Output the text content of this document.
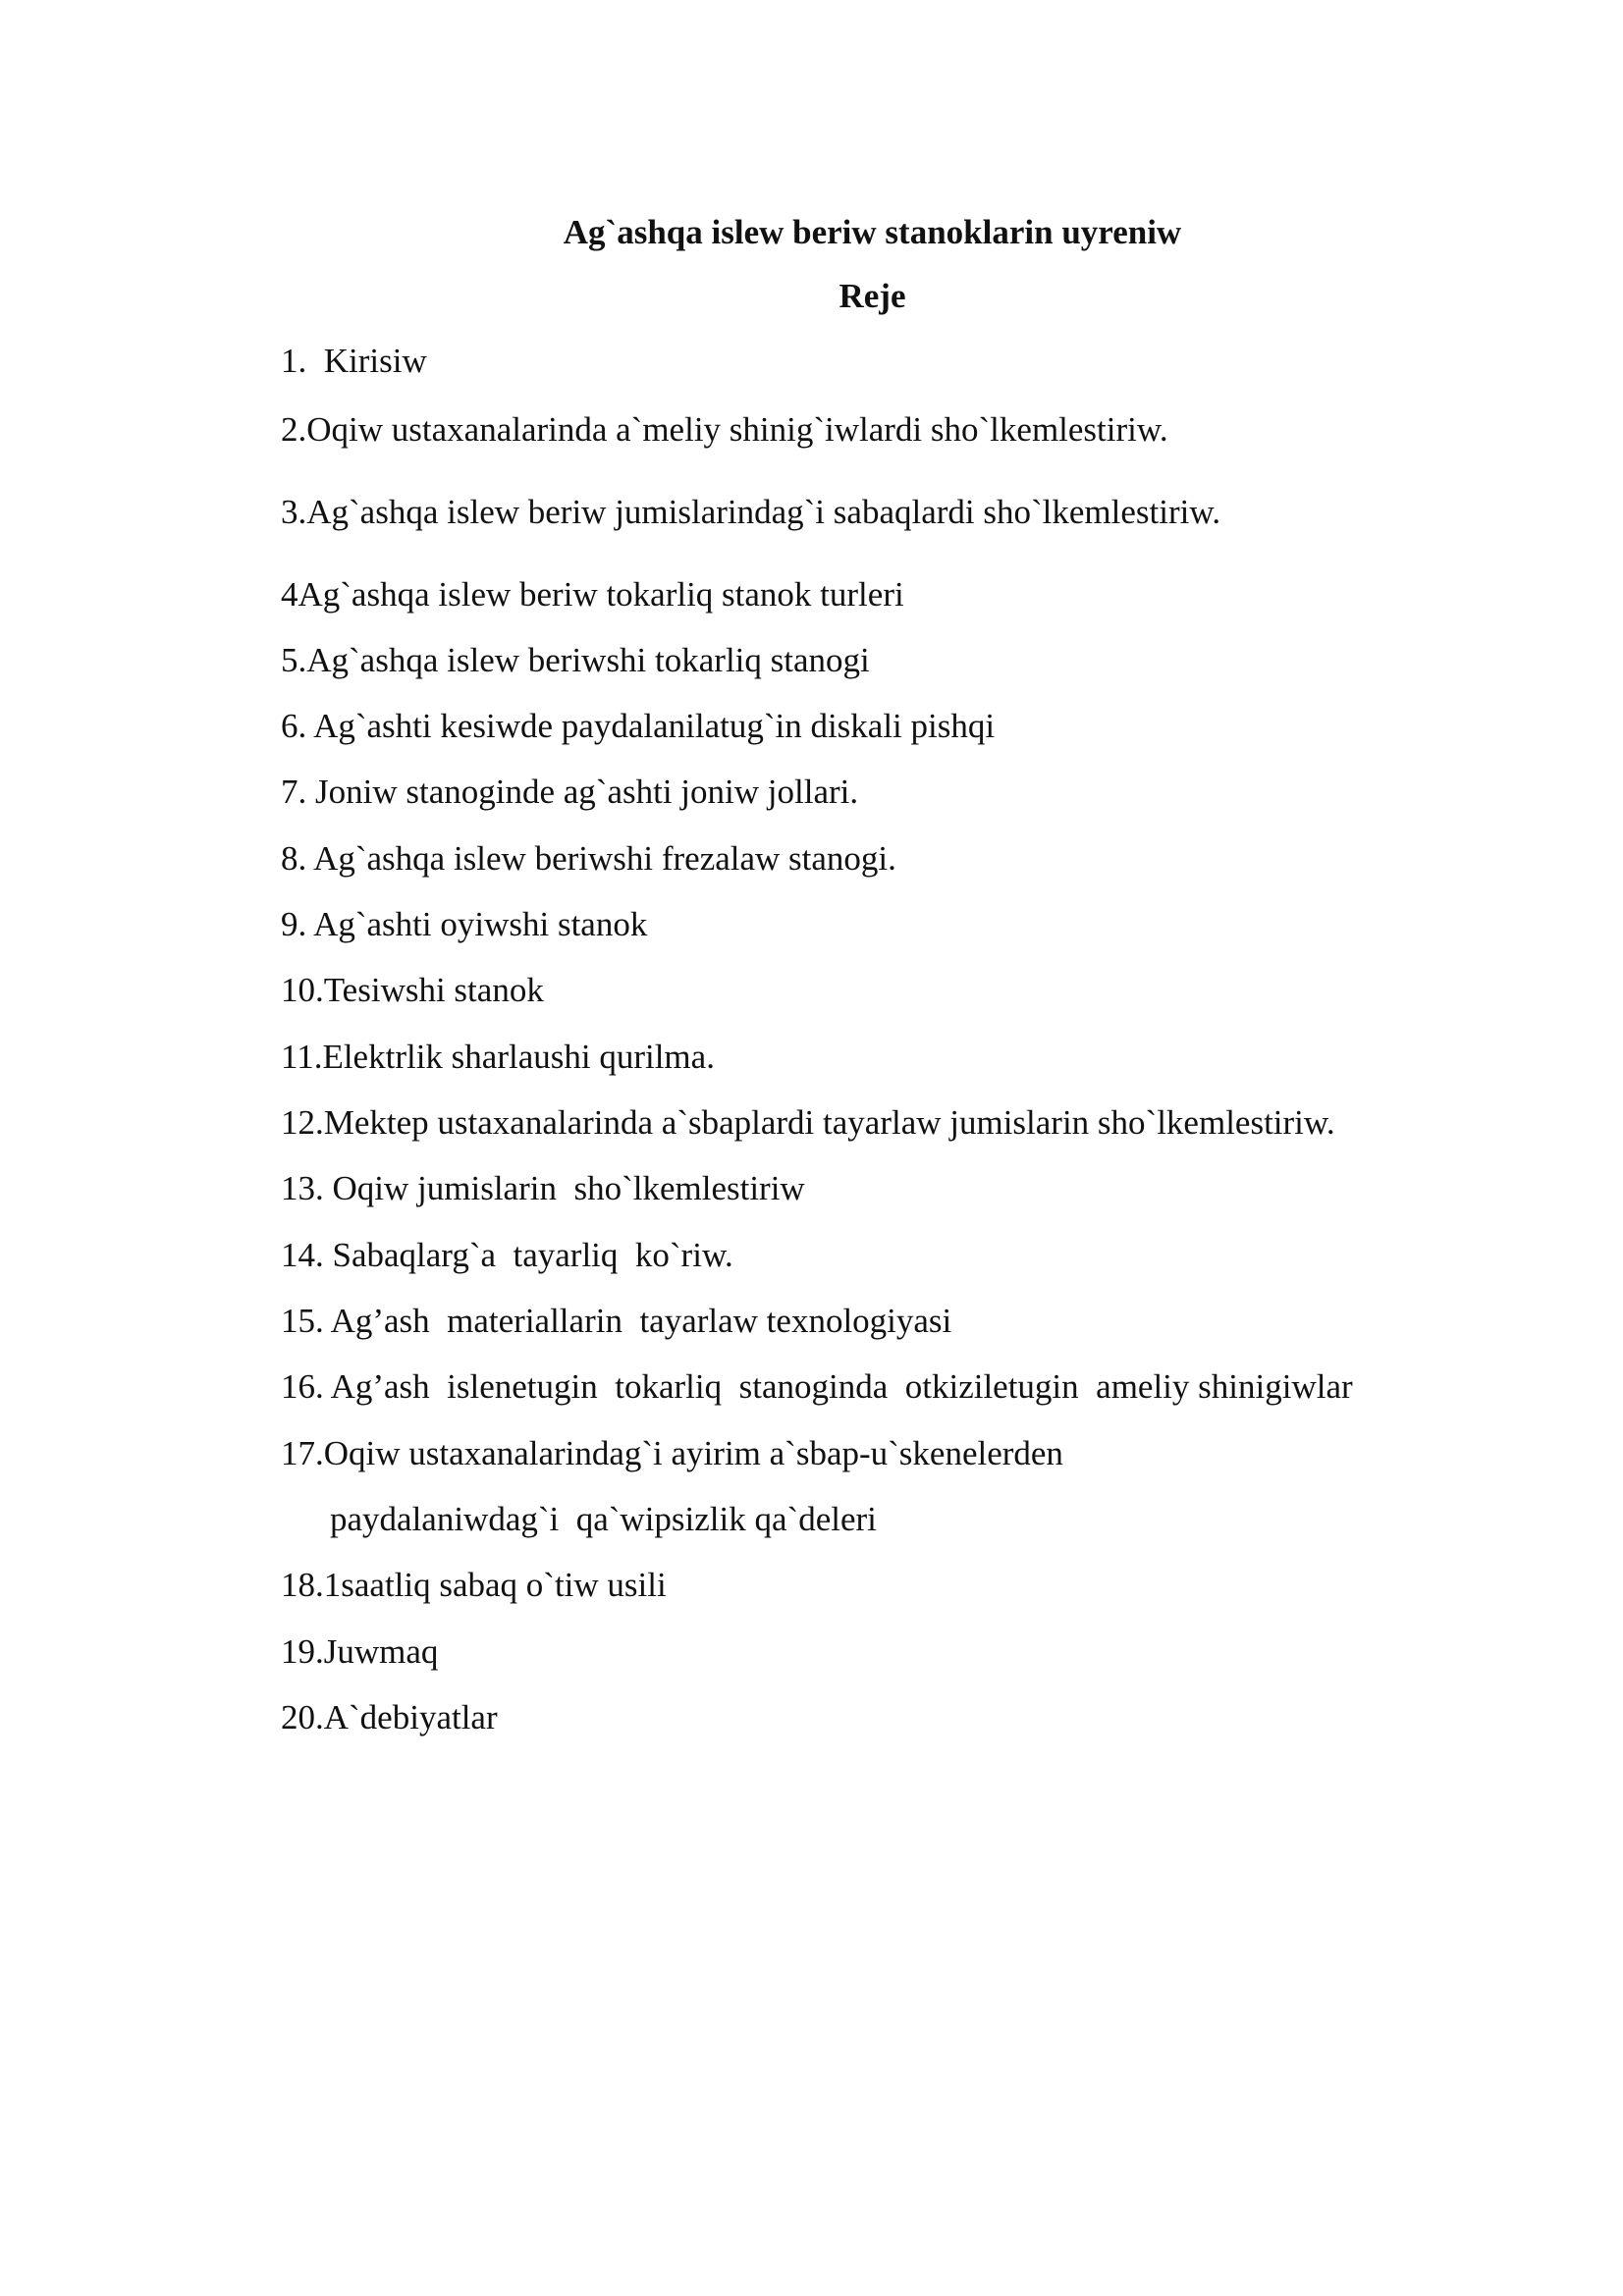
Ag`ashqa islew beriw stanoklarin uyreniw
Reje
1.  Kirisiw
2.Oqiw ustaxanalarinda a`meliy shinig`iwlardi sho`lkemlestiriw.
3.Ag`ashqa islew beriw jumislarindag`i sabaqlardi sho`lkemlestiriw.
4Ag`ashqa islew beriw tokarliq stanok turleri
5.Ag`ashqa islew beriwshi tokarliq stanogi
6. Ag`ashti kesiwde paydalanilatug`in diskali pishqi
7. Joniw stanoginde ag`ashti joniw jollari.
8. Ag`ashqa islew beriwshi frezalaw stanogi.
9. Ag`ashti oyiwshi stanok
10.Tesiwshi stanok
11.Elektrlik sharlaushi qurilma.
12.Mektep ustaxanalarinda a`sbaplardi tayarlaw jumislarin sho`lkemlestiriw.
13. Oqiw jumislarin  sho`lkemlestiriw
14. Sabaqlarg`a  tayarliq  ko`riw.
15. Ag’ash  materiallarin  tayarlaw texnologiyasi
16. Ag’ash  islenetugin  tokarliq  stanoginda  otkiziletugin  ameliy shinigiwlar
17.Oqiw ustaxanalarindag`i ayirim a`sbap-u`skenelerden
paydalaniwdag`i  qa`wipsizlik qa`deleri
18.1saatliq sabaq o`tiw usili
19.Juwmaq
20.A`debiyatlar
